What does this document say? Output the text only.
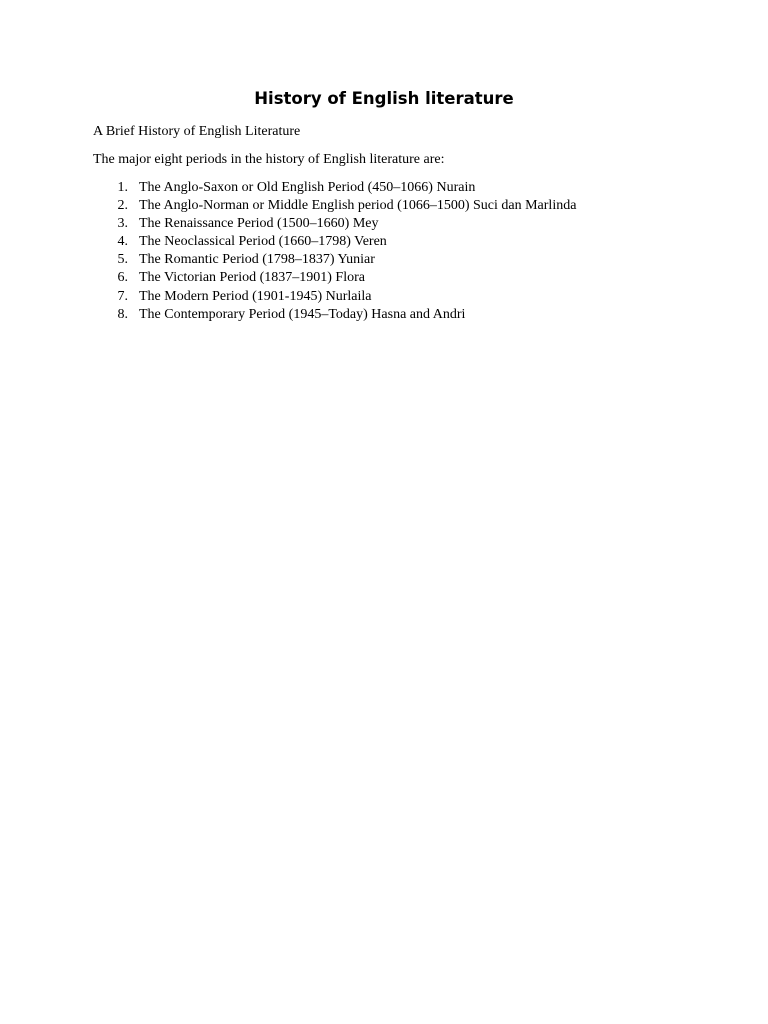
History of English literature

A Brief History of English Literature

The major eight periods in the history of English literature are:

1. The Anglo-Saxon or Old English Period (450–1066) Nurain
2. The Anglo-Norman or Middle English period (1066–1500) Suci dan Marlinda
3. The Renaissance Period (1500–1660) Mey
4. The Neoclassical Period (1660–1798) Veren
5. The Romantic Period (1798–1837) Yuniar
6. The Victorian Period (1837–1901) Flora
7. The Modern Period (1901-1945) Nurlaila
8. The Contemporary Period (1945–Today) Hasna and Andri
